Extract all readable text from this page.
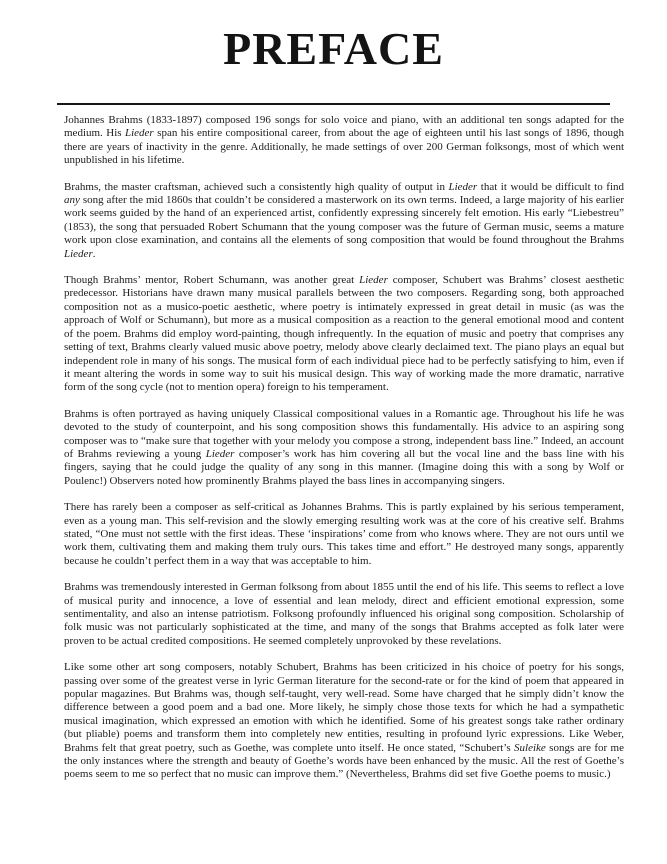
PREFACE

Johannes Brahms (1833-1897) composed 196 songs for solo voice and piano, with an additional ten songs adapted for the medium. His Lieder span his entire compositional career, from about the age of eighteen until his last songs of 1896, though there are years of inactivity in the genre. Additionally, he made settings of over 200 German folksongs, most of which went unpublished in his lifetime.

Brahms, the master craftsman, achieved such a consistently high quality of output in Lieder that it would be difficult to find any song after the mid 1860s that couldn’t be considered a masterwork on its own terms. Indeed, a large majority of his earlier work seems guided by the hand of an experienced artist, confidently expressing sincerely felt emotion. His early “Liebestreu” (1853), the song that persuaded Robert Schumann that the young composer was the future of German music, seems a mature work upon close examination, and contains all the elements of song composition that would be found throughout the Brahms Lieder.

Though Brahms’ mentor, Robert Schumann, was another great Lieder composer, Schubert was Brahms’ closest aesthetic predecessor. Historians have drawn many musical parallels between the two composers. Regarding song, both approached composition not as a musico-poetic aesthetic, where poetry is intimately expressed in great detail in music (as was the approach of Wolf or Schumann), but more as a musical composition as a reaction to the general emotional mood and content of the poem. Brahms did employ word-painting, though infrequently. In the equation of music and poetry that comprises any setting of text, Brahms clearly valued music above poetry, melody above clearly declaimed text. The piano plays an equal but independent role in many of his songs. The musical form of each individual piece had to be perfectly satisfying to him, even if it meant altering the words in some way to suit his musical design. This way of working made the more dramatic, narrative form of the song cycle (not to mention opera) foreign to his temperament.

Brahms is often portrayed as having uniquely Classical compositional values in a Romantic age. Throughout his life he was devoted to the study of counterpoint, and his song composition shows this fundamentally. His advice to an aspiring song composer was to “make sure that together with your melody you compose a strong, independent bass line.” Indeed, an account of Brahms reviewing a young Lieder composer’s work has him covering all but the vocal line and the bass line with his fingers, saying that he could judge the quality of any song in this manner. (Imagine doing this with a song by Wolf or Poulenc!) Observers noted how prominently Brahms played the bass lines in accompanying singers.

There has rarely been a composer as self-critical as Johannes Brahms. This is partly explained by his serious temperament, even as a young man. This self-revision and the slowly emerging resulting work was at the core of his creative self. Brahms stated, “One must not settle with the first ideas. These ‘inspirations’ come from who knows where. They are not ours until we work them, cultivating them and making them truly ours. This takes time and effort.” He destroyed many songs, apparently because he couldn’t perfect them in a way that was acceptable to him.

Brahms was tremendously interested in German folksong from about 1855 until the end of his life. This seems to reflect a love of musical purity and innocence, a love of essential and lean melody, direct and efficient emotional expression, some sentimentality, and also an intense patriotism. Folksong profoundly influenced his original song composition. Scholarship of folk music was not particularly sophisticated at the time, and many of the songs that Brahms accepted as folk later were proven to be actual credited compositions. He seemed completely unprovoked by these revelations.

Like some other art song composers, notably Schubert, Brahms has been criticized in his choice of poetry for his songs, passing over some of the greatest verse in lyric German literature for the second-rate or for the kind of poem that appeared in popular magazines. But Brahms was, though self-taught, very well-read. Some have charged that he simply didn’t know the difference between a good poem and a bad one. More likely, he simply chose those texts for which he had a sympathetic musical imagination, which expressed an emotion with which he identified. Some of his greatest songs take rather ordinary (but pliable) poems and transform them into completely new entities, resulting in profound lyric expressions. Like Weber, Brahms felt that great poetry, such as Goethe, was complete unto itself. He once stated, “Schubert’s Suleike songs are for me the only instances where the strength and beauty of Goethe’s words have been enhanced by the music. All the rest of Goethe’s poems seem to me so perfect that no music can improve them.” (Nevertheless, Brahms did set five Goethe poems to music.)
